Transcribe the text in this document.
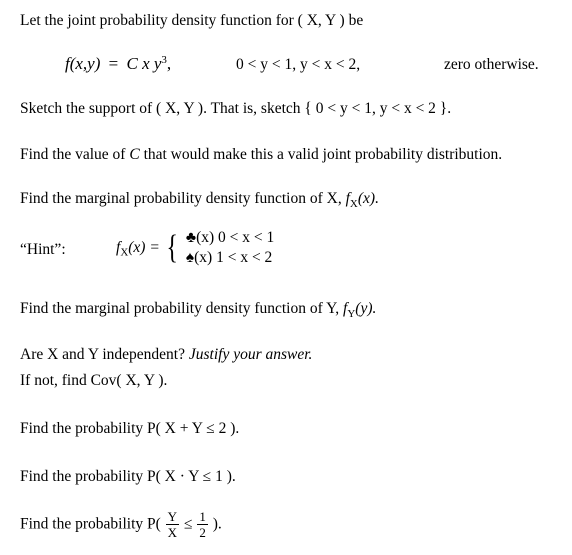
Let the joint probability density function for ( X, Y ) be
f(x,y) = C x $y^3$,	0 < y < 1, y < x < 2,	zero otherwise.
Sketch the support of ( X, Y ). That is, sketch { 0 < y < 1, y < x < 2 }.
Find the value of C that would make this a valid joint probability distribution.
Find the marginal probability density function of X, $f_X(x)$.
“Hint”:	$f_X(x)$ = { ♣(x) 0 < x < 1
♠(x) 1 < x < 2
Find the marginal probability density function of Y, $f_Y(y)$.
Are X and Y independent? Justify your answer.
If not, find Cov( X, Y ).
Find the probability P( X + Y ≤ 2 ).
Find the probability P( X · Y ≤ 1 ).
Find the probability $P( \frac{Y}{X} \le \frac{1}{2}$ ).
